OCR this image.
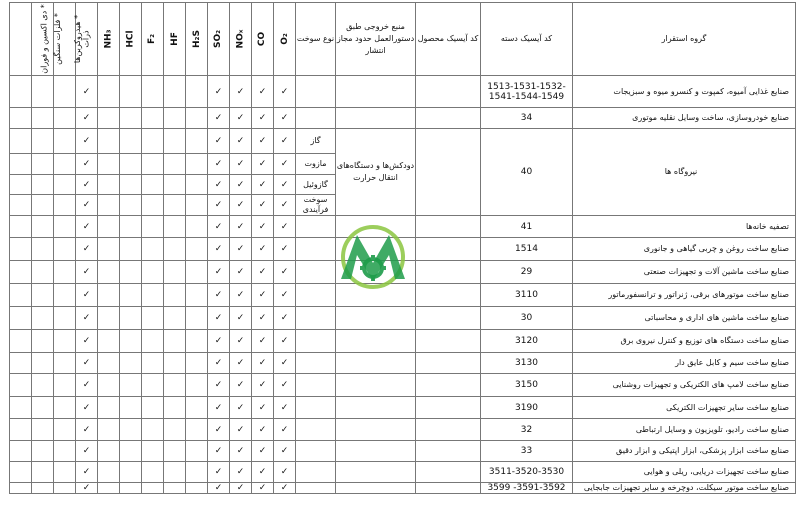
دی اکسین و فوران *	فلزات سنگین *	هیدروکربن‌ها *	ذرات	NH₃	HCl	F₂	HF	H₂S	SO₂	NOₓ	CO	O₂	نوع سوخت	منبع خروجی طبق دستورالعمل حدود مجاز انتشار	کد آیسیک محصول	کد آیسیک دسته	گروه استقرار
			✓						✓	✓	✓	✓				1513-1531-1532-1541-1544-1549	صنایع غذایی آمیوه، کمپوت و کنسرو میوه و سبزیجات
			✓						✓	✓	✓	✓				34	صنایع خودروسازی، ساخت وسایل نقلیه موتوری
			✓						✓	✓	✓	✓	گاز	دودکش‌ها و دستگاه‌های انتقال حرارت		40	نیروگاه ها
			✓						✓	✓	✓	✓	مازوت				
			✓						✓	✓	✓	✓	گازوئیل				
			✓						✓	✓	✓	✓	سوخت فرآیندی				
			✓						✓	✓	✓	✓				41	تصفیه خانه‌ها
			✓						✓	✓	✓	✓				1514	صنایع ساخت روغن و چربی گیاهی و جانوری
			✓						✓	✓	✓	✓				29	صنایع ساخت ماشین آلات و تجهیزات صنعتی
			✓						✓	✓	✓	✓				3110	صنایع ساخت موتورهای برقی، ژنراتور و ترانسفورماتور
			✓						✓	✓	✓	✓				30	صنایع ساخت ماشین های اداری و محاسباتی
			✓						✓	✓	✓	✓				3120	صنایع ساخت دستگاه های توزیع و کنترل نیروی برق
			✓						✓	✓	✓	✓				3130	صنایع ساخت سیم و کابل عایق دار
			✓						✓	✓	✓	✓				3150	صنایع ساخت لامپ های الکتریکی و تجهیزات روشنایی
			✓						✓	✓	✓	✓				3190	صنایع ساخت سایر تجهیزات الکتریکی
			✓						✓	✓	✓	✓				32	صنایع ساخت رادیو، تلویزیون و وسایل ارتباطی
			✓						✓	✓	✓	✓				33	صنایع ساخت ابزار پزشکی، ابزار اپتیکی و ابزار دقیق
			✓						✓	✓	✓	✓				3511-3520-3530	صنایع ساخت تجهیزات دریایی، ریلی و هوایی
			✓						✓	✓	✓	✓				3599 -3591-3592	صنایع ساخت موتور سیکلت، دوچرخه و سایر تجهیزات جابجایی
